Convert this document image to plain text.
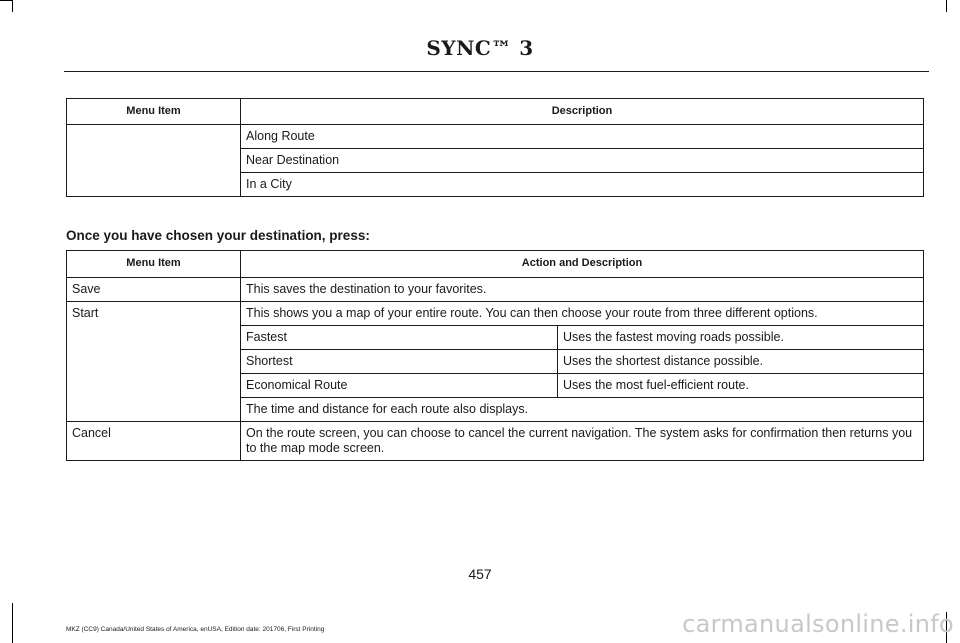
SYNC™ 3
Menu Item	Description
	Along Route
	Near Destination
	In a City
Once you have chosen your destination, press:
Menu Item	Action and Description	
Save	This saves the destination to your favorites.	
Start	This shows you a map of your entire route. You can then choose your route from three different options.	
	Fastest	Uses the fastest moving roads possible.
	Shortest	Uses the shortest distance possible.
	Economical Route	Uses the most fuel-efficient route.
	The time and distance for each route also displays.	
Cancel	On the route screen, you can choose to cancel the current navigation. The system asks for confirmation then returns you to the map mode screen.	
457
MKZ (CC9) Canada/United States of America, enUSA, Edition date: 201706, First Printing	carmanualsonline.info
